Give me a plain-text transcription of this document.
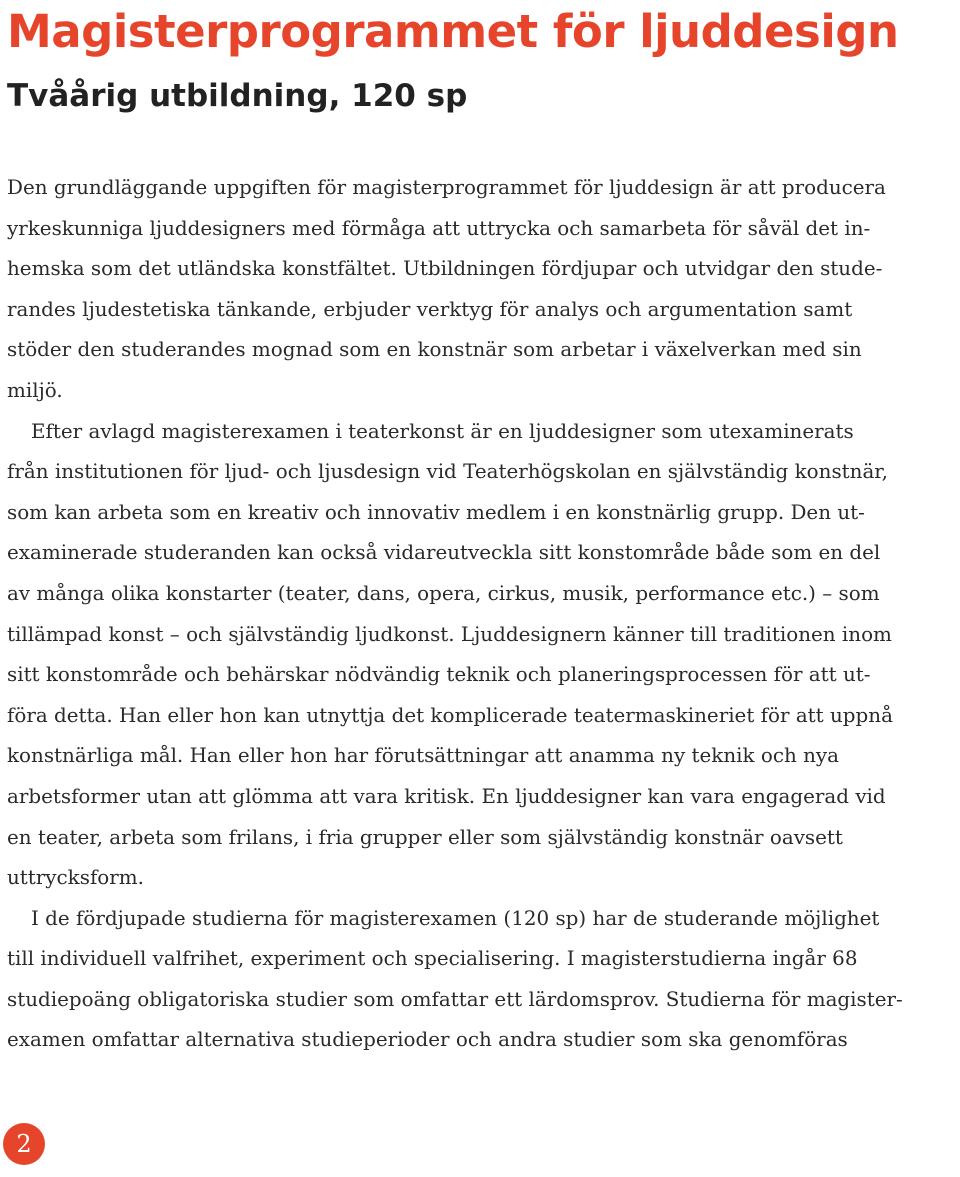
Magisterprogrammet för ljuddesign
Tvåårig utbildning, 120 sp
Den grundläggande uppgiften för magisterprogrammet för ljuddesign är att producera
yrkeskunniga ljuddesigners med förmåga att uttrycka och samarbeta för såväl det in-
hemska som det utländska konstfältet. Utbildningen fördjupar och utvidgar den stude-
randes ljudestetiska tänkande, erbjuder verktyg för analys och argumentation samt
stöder den studerandes mognad som en konstnär som arbetar i växelverkan med sin
miljö.
Efter avlagd magisterexamen i teaterkonst är en ljuddesigner som utexaminerats
från institutionen för ljud- och ljusdesign vid Teaterhögskolan en självständig konstnär,
som kan arbeta som en kreativ och innovativ medlem i en konstnärlig grupp. Den ut-
examinerade studeranden kan också vidareutveckla sitt konstområde både som en del
av många olika konstarter (teater, dans, opera, cirkus, musik, performance etc.) – som
tillämpad konst – och självständig ljudkonst. Ljuddesignern känner till traditionen inom
sitt konstområde och behärskar nödvändig teknik och planeringsprocessen för att ut-
föra detta. Han eller hon kan utnyttja det komplicerade teatermaskineriet för att uppnå
konstnärliga mål. Han eller hon har förutsättningar att anamma ny teknik och nya
arbetsformer utan att glömma att vara kritisk. En ljuddesigner kan vara engagerad vid
en teater, arbeta som frilans, i fria grupper eller som självständig konstnär oavsett
uttrycksform.
I de fördjupade studierna för magisterexamen (120 sp) har de studerande möjlighet
till individuell valfrihet, experiment och specialisering. I magisterstudierna ingår 68
studiepoäng obligatoriska studier som omfattar ett lärdomsprov. Studierna för magister-
examen omfattar alternativa studieperioder och andra studier som ska genomföras
2
